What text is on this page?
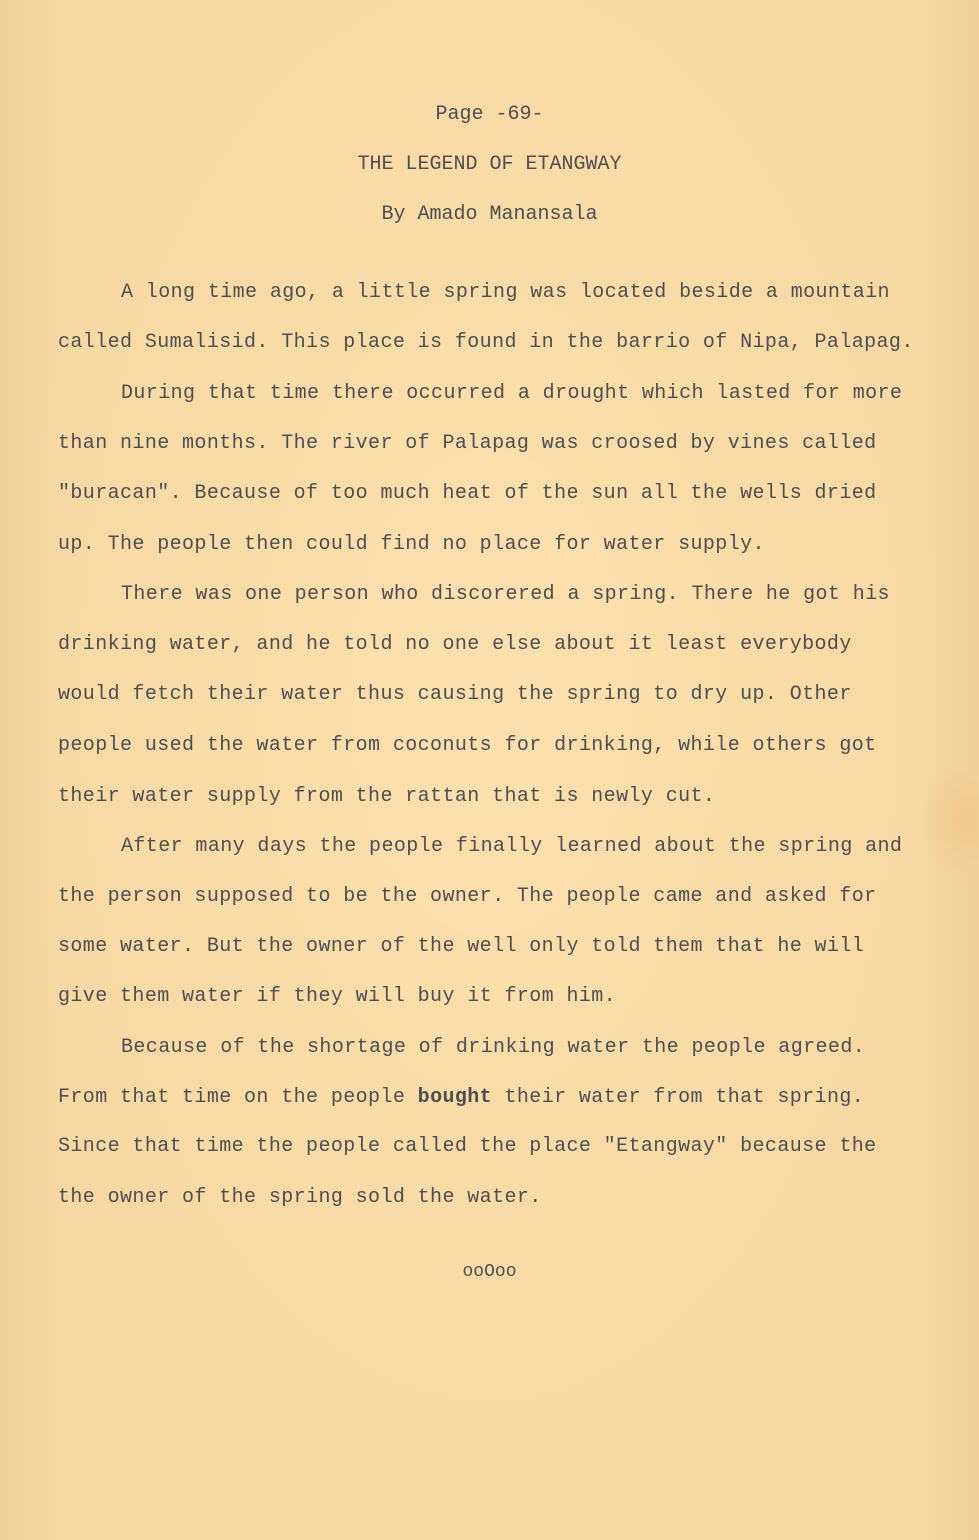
Page -69-
THE LEGEND OF ETANGWAY
By Amado Manansala
A long time ago, a little spring was located beside a mountain
called Sumalisid. This place is found in the barrio of Nipa, Palapag.
During that time there occurred a drought which lasted for more
than nine months. The river of Palapag was croosed by vines called
"buracan". Because of too much heat of the sun all the wells dried
up. The people then could find no place for water supply.
There was one person who discorered a spring. There he got his
drinking water, and he told no one else about it least everybody
would fetch their water thus causing the spring to dry up. Other
people used the water from coconuts for drinking, while others got
their water supply from the rattan that is newly cut.
After many days the people finally learned about the spring and
the person supposed to be the owner. The people came and asked for
some water. But the owner of the well only told them that he will
give them water if they will buy it from him.
Because of the shortage of drinking water the people agreed.
From that time on the people bought their water from that spring.
Since that time the people called the place "Etangway" because the
the owner of the spring sold the water.
ooOoo
